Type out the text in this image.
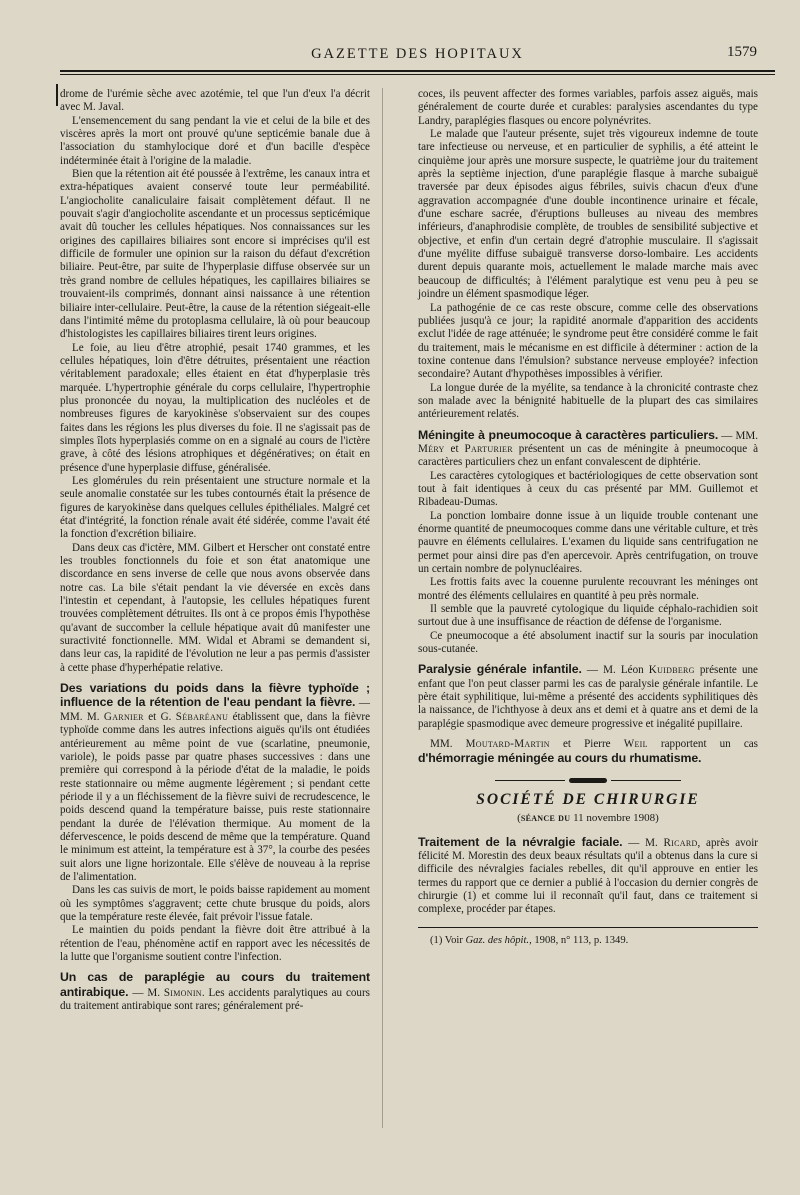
GAZETTE DES HOPITAUX	1579

drome de l'urémie sèche avec azotémie, tel que l'un d'eux l'a décrit avec M. Javal.

L'ensemencement du sang pendant la vie et celui de la bile et des viscères après la mort ont prouvé qu'une septicémie banale due à l'association du stamhylocique doré et d'un bacille d'espèce indéterminée était à l'origine de la maladie.

Bien que la rétention ait été poussée à l'extrême, les canaux intra et extra-hépatiques avaient conservé toute leur perméabilité. L'angiocholite canaliculaire faisait complètement défaut. Il ne pouvait s'agir d'angiocholite ascendante et un processus septicémique avait dû toucher les cellules hépatiques. Nos connaissances sur les origines des capillaires biliaires sont encore si imprécises qu'il est difficile de formuler une opinion sur la raison du défaut d'excrétion biliaire. Peut-être, par suite de l'hyperplasie diffuse observée sur un très grand nombre de cellules hépatiques, les capillaires biliaires se trouvaient-ils comprimés, donnant ainsi naissance à une rétention biliaire inter-cellulaire. Peut-être, la cause de la rétention siégeait-elle dans l'intimité même du protoplasma cellulaire, là où pour beaucoup d'histologistes les capillaires biliaires tirent leurs origines.

Le foie, au lieu d'être atrophié, pesait 1740 grammes, et les cellules hépatiques, loin d'être détruites, présentaient une réaction véritablement paradoxale; elles étaient en état d'hyperplasie très marquée. L'hypertrophie générale du corps cellulaire, l'hypertrophie plus prononcée du noyau, la multiplication des nucléoles et de nombreuses figures de karyokinèse s'observaient sur des coupes faites dans les régions les plus diverses du foie. Il ne s'agissait pas de simples îlots hyperplasiés comme on en a signalé au cours de l'ictère grave, à côté des lésions atrophiques et dégénératives; on était en présence d'une hyperplasie diffuse, généralisée.

Les glomérules du rein présentaient une structure normale et la seule anomalie constatée sur les tubes contournés était la présence de figures de karyokinèse dans quelques cellules épithéliales. Malgré cet état d'intégrité, la fonction rénale avait été sidérée, comme l'avait été la fonction d'excrétion biliaire.

Dans deux cas d'ictère, MM. Gilbert et Herscher ont constaté entre les troubles fonctionnels du foie et son état anatomique une discordance en sens inverse de celle que nous avons observée dans notre cas. La bile s'était pendant la vie déversée en excès dans l'intestin et cependant, à l'autopsie, les cellules hépatiques furent trouvées complètement détruites. Ils ont à ce propos émis l'hypothèse qu'avant de succomber la cellule hépatique avait dû manifester une suractivité fonctionnelle. MM. Widal et Abrami se demandent si, dans leur cas, la rapidité de l'évolution ne leur a pas permis d'assister à cette phase d'hyperhépatie relative.

Des variations du poids dans la fièvre typhoïde ; influence de la rétention de l'eau pendant la fièvre. — MM. M. Garnier et G. Sébaréanu établissent que, dans la fièvre typhoïde comme dans les autres infections aiguës qu'ils ont étudiées antérieurement au même point de vue (scarlatine, pneumonie, variole), le poids passe par quatre phases successives : dans une première qui correspond à la période d'état de la maladie, le poids reste stationnaire ou même augmente légèrement ; si pendant cette période il y a un fléchissement de la fièvre suivi de recrudescence, le poids descend quand la température baisse, puis reste stationnaire pendant la durée de l'élévation thermique. Au moment de la défervescence, le poids descend de même que la température. Quand le minimum est atteint, la température est à 37°, la courbe des pesées suit alors une ligne horizontale. Elle s'élève de nouveau à la reprise de l'alimentation.

Dans les cas suivis de mort, le poids baisse rapidement au moment où les symptômes s'aggravent; cette chute brusque du poids, alors que la température reste élevée, fait prévoir l'issue fatale.

Le maintien du poids pendant la fièvre doit être attribué à la rétention de l'eau, phénomène actif en rapport avec les nécessités de la lutte que l'organisme soutient contre l'infection.

Un cas de paraplégie au cours du traitement antirabique. — M. Simonin. Les accidents paralytiques au cours du traitement antirabique sont rares; généralement pré-

coces, ils peuvent affecter des formes variables, parfois assez aiguës, mais généralement de courte durée et curables: paralysies ascendantes du type Landry, paraplégies flasques ou encore polynévrites.

Le malade que l'auteur présente, sujet très vigoureux indemne de toute tare infectieuse ou nerveuse, et en particulier de syphilis, a été atteint le cinquième jour après une morsure suspecte, le quatrième jour du traitement après la septième injection, d'une paraplégie flasque à marche subaiguë traversée par deux épisodes aigus fébriles, suivis chacun d'eux d'une aggravation accompagnée d'une double incontinence urinaire et fécale, d'une eschare sacrée, d'éruptions bulleuses au niveau des membres inférieurs, d'anaphrodisie complète, de troubles de sensibilité subjective et objective, et enfin d'un certain degré d'atrophie musculaire. Il s'agissait d'une myélite diffuse subaiguë transverse dorso-lombaire. Les accidents durent depuis quarante mois, actuellement le malade marche mais avec beaucoup de difficultés; à l'élément paralytique est venu peu à peu se joindre un élément spasmodique léger.

La pathogénie de ce cas reste obscure, comme celle des observations publiées jusqu'à ce jour; la rapidité anormale d'apparition des accidents exclut l'idée de rage atténuée; le syndrome peut être considéré comme le fait du traitement, mais le mécanisme en est difficile à déterminer : action de la toxine contenue dans l'émulsion? substance nerveuse employée? infection secondaire? Autant d'hypothèses impossibles à vérifier.

La longue durée de la myélite, sa tendance à la chronicité contraste chez son malade avec la bénignité habituelle de la plupart des cas similaires antérieurement relatés.

Méningite à pneumocoque à caractères particuliers. — MM. Méry et Parturier présentent un cas de méningite à pneumocoque à caractères particuliers chez un enfant convalescent de diphtérie.

Les caractères cytologiques et bactériologiques de cette observation sont tout à fait identiques à ceux du cas présenté par MM. Guillemot et Ribadeau-Dumas.

La ponction lombaire donne issue à un liquide trouble contenant une énorme quantité de pneumocoques comme dans une véritable culture, et très pauvre en éléments cellulaires. L'examen du liquide sans centrifugation ne permet pour ainsi dire pas d'en apercevoir. Après centrifugation, on trouve un certain nombre de polynucléaires.

Les frottis faits avec la couenne purulente recouvrant les méninges ont montré des éléments cellulaires en quantité à peu près normale.

Il semble que la pauvreté cytologique du liquide céphalo-rachidien soit surtout due à une insuffisance de réaction de défense de l'organisme.

Ce pneumocoque a été absolument inactif sur la souris par inoculation sous-cutanée.

Paralysie générale infantile. — M. Léon Kuidberg présente une enfant que l'on peut classer parmi les cas de paralysie générale infantile. Le père était syphilitique, lui-même a présenté des accidents syphilitiques dès la naissance, de l'ichthyose à deux ans et demi et à quatre ans et demi de la paraplégie spasmodique avec demeure progressive et inégalité pupillaire.

MM. Moutard-Martin et Pierre Weil rapportent un cas d'hémorragie méningée au cours du rhumatisme.

SOCIÉTÉ DE CHIRURGIE
(séance du 11 novembre 1908)

Traitement de la névralgie faciale. — M. Ricard, après avoir félicité M. Morestin des deux beaux résultats qu'il a obtenus dans la cure si difficile des névralgies faciales rebelles, dit qu'il approuve en entier les termes du rapport que ce dernier a publié à l'occasion du dernier congrès de chirurgie (1) et comme lui il reconnaît qu'il faut, dans ce traitement si complexe, procéder par étapes.

(1) Voir Gaz. des hôpit., 1908, n° 113, p. 1349.
